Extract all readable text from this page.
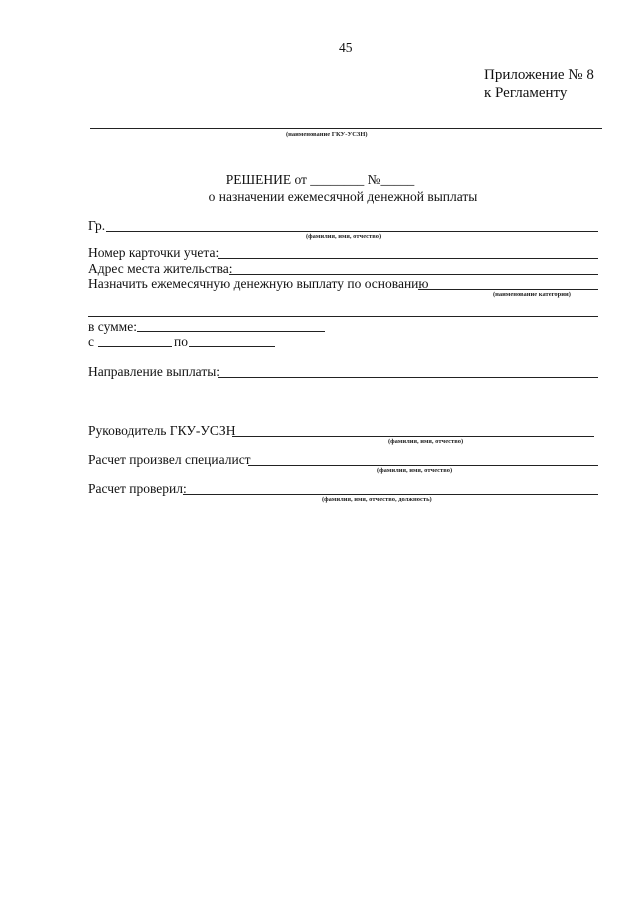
45
Приложение № 8
к Регламенту
(наименование ГКУ-УСЗН)
РЕШЕНИЕ от ________ №_____
о назначении ежемесячной денежной выплаты
Гр.
(фамилия, имя, отчество)
Номер карточки учета:
Адрес места жительства:
Назначить ежемесячную денежную выплату по основанию
(наименование категории)
в сумме:
с	по
Направление выплаты:
Руководитель ГКУ-УСЗН
(фамилия, имя, отчество)
Расчет произвел специалист
(фамилия, имя, отчество)
Расчет проверил:
(фамилия, имя, отчество, должность)
